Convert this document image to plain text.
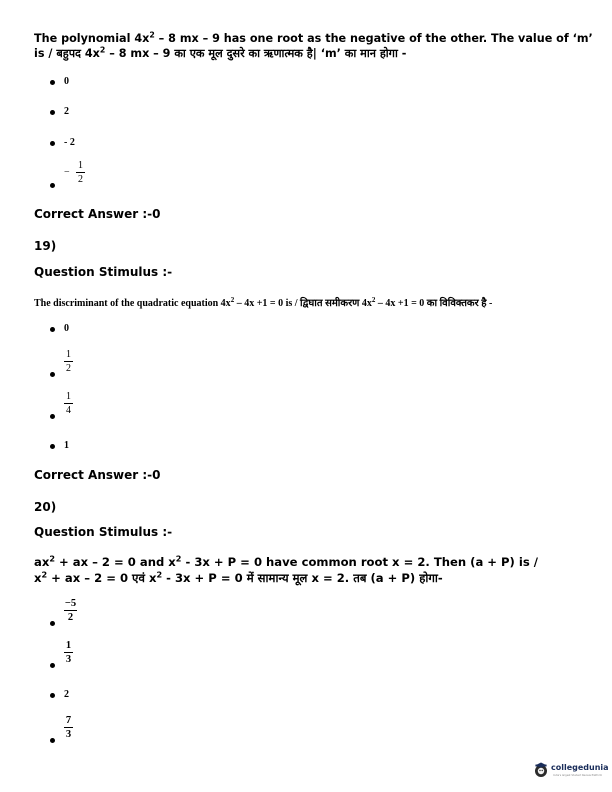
The polynomial $4x^2 - 8$ mx – 9 has one root as the negative of the other. The value of ‘m’
is / बहुपद $4x^2 - 8$ mx – 9 का एक मूल दुसरे का ऋणात्मक है| ‘m’ का मान होगा -
0
2
- 2
−
1
2
Correct Answer :-0
19)
Question Stimulus :-
The discriminant of the quadratic equation $4x^2 - 4x +1 = 0$ is / द्विघात समीकरण $4x^2 - 4x +1 = 0$ का विविक्तकर है -
0
1
2
1
4
1
Correct Answer :-0
20)
Question Stimulus :-
$ax^2$ + ax – 2 = 0 and $x^2 - 3x + P = 0$ have common root x = 2. Then (a + P) is /
$x^2$ + ax – 2 = 0 एवं $x^2 - 3x + P = 0$ में सामान्य मूल x = 2. तब (a + P) होगा-
−5
2
1
3
2
7
3
collegedunia
India's largest Student Review Platform
